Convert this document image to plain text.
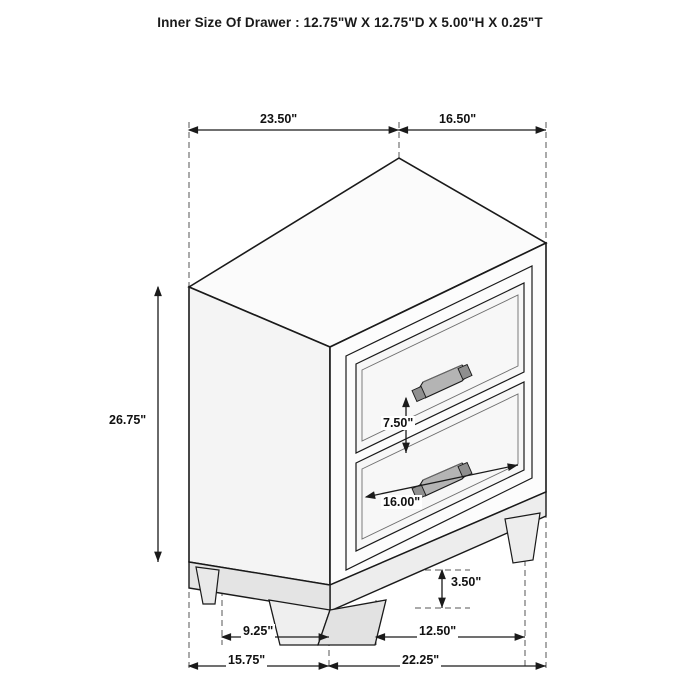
Inner Size Of Drawer : 12.75"W X 12.75"D X 5.00"H X 0.25"T
23.50"	16.50"
26.75"	7.50"
16.00"
3.50"
9.25"	12.50"
15.75"	22.25"
